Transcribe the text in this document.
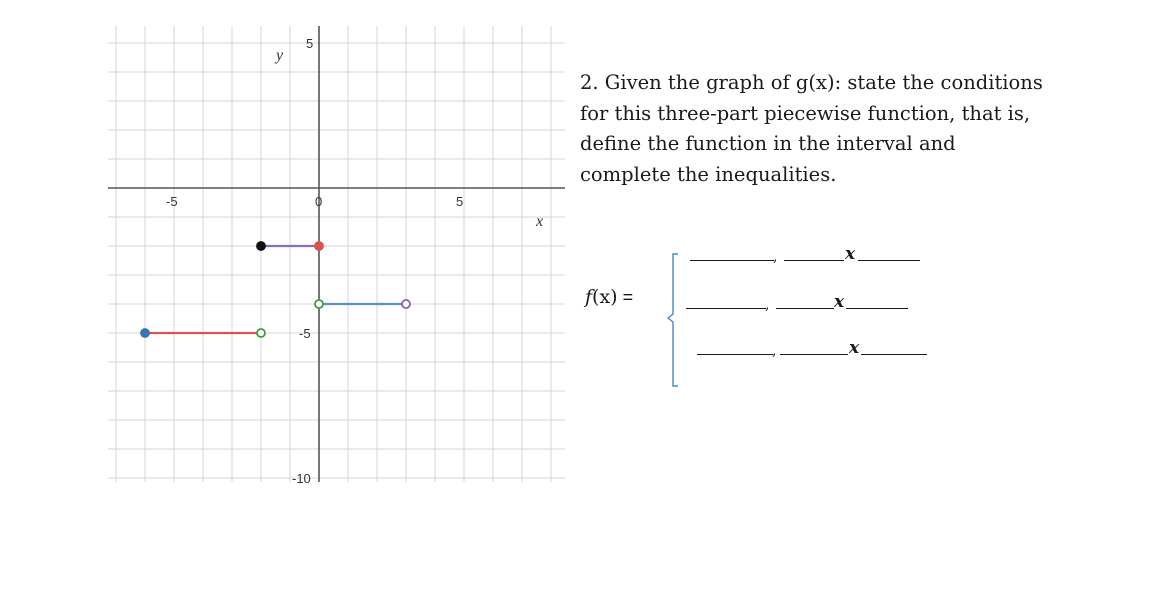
-5	0	5
5
-5
-10
x
y

2. Given the graph of g(x): state the conditions for this three-part piecewise function, that is, define the function in the interval and complete the inequalities.

f(x) =
,	x
,	x
,	x
